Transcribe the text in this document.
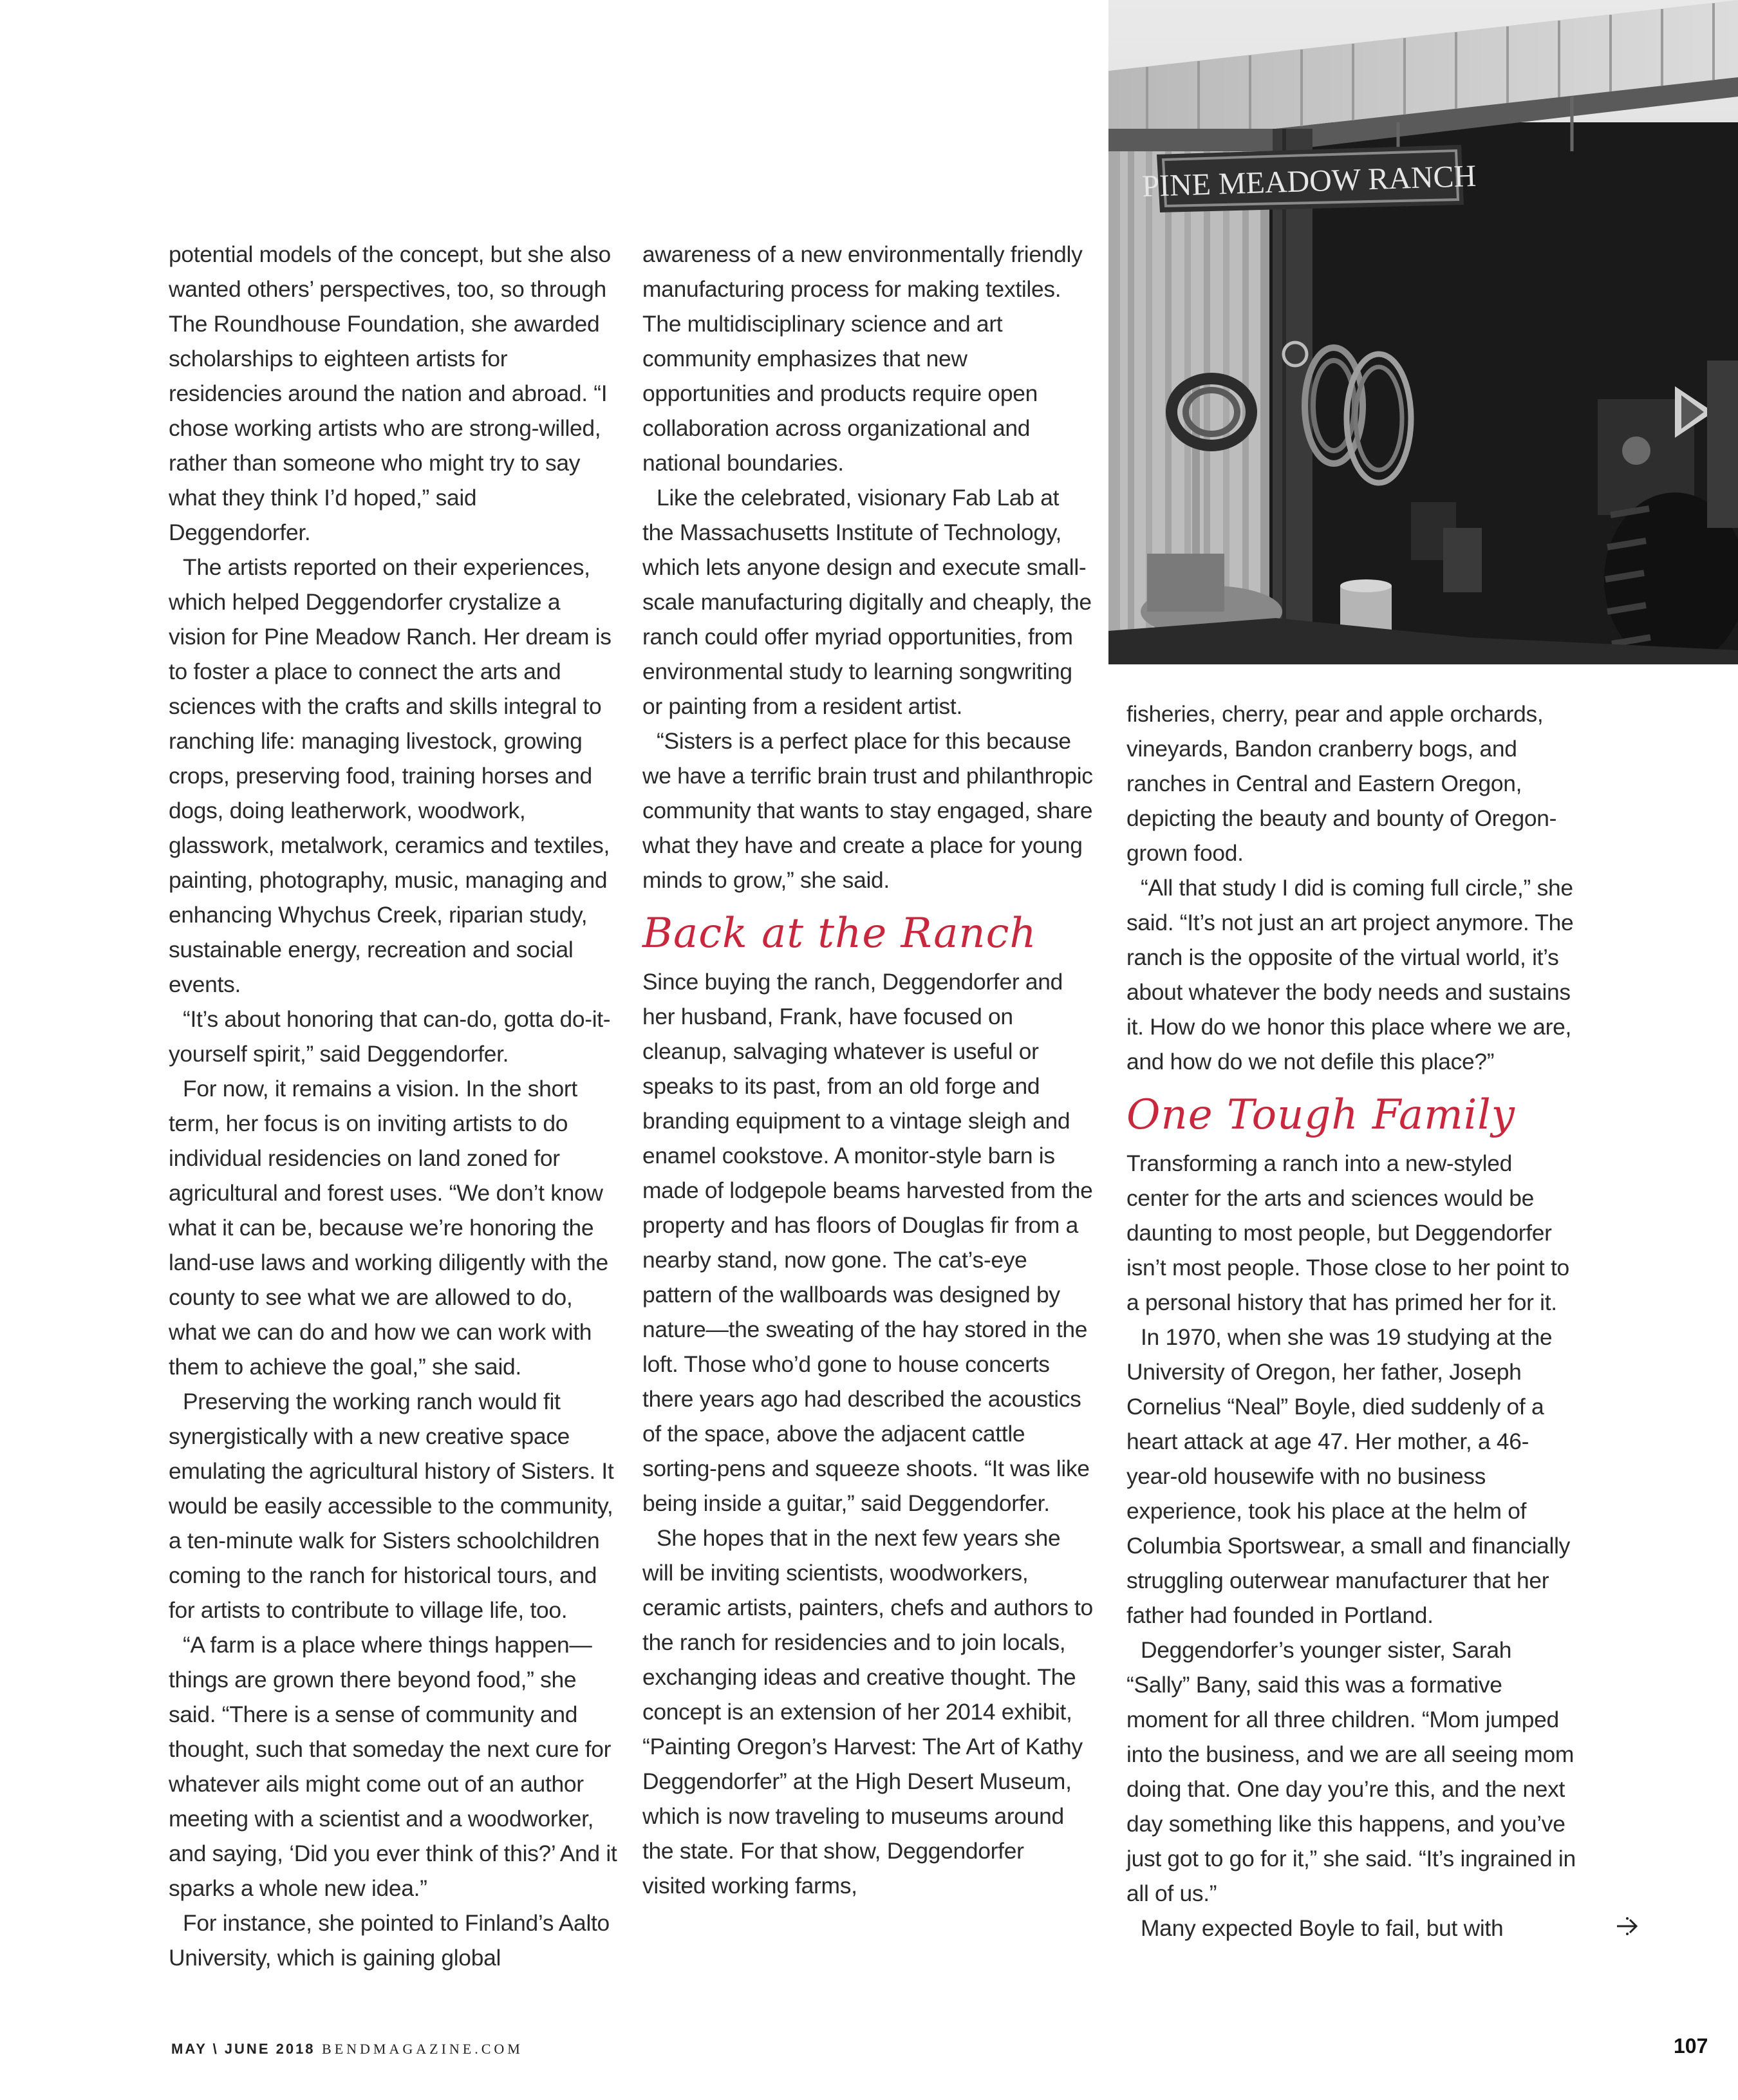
PINE MEADOW RANCH

potential models of the concept, but she also wanted others’ perspectives, too, so through The Roundhouse Foundation, she awarded scholarships to eighteen artists for residencies around the nation and abroad. “I chose working artists who are strong-willed, rather than someone who might try to say what they think I’d hoped,” said Deggendorfer.

The artists reported on their experiences, which helped Deggendorfer crystalize a vision for Pine Meadow Ranch. Her dream is to foster a place to connect the arts and sciences with the crafts and skills integral to ranching life: managing livestock, growing crops, preserving food, training horses and dogs, doing leatherwork, woodwork, glasswork, metalwork, ceramics and textiles, painting, photography, music, managing and enhancing Whychus Creek, riparian study, sustainable energy, recreation and social events.

“It’s about honoring that can-do, gotta do-it-yourself spirit,” said Deggendorfer.

For now, it remains a vision. In the short term, her focus is on inviting artists to do individual residencies on land zoned for agricultural and forest uses. “We don’t know what it can be, because we’re honoring the land-use laws and working diligently with the county to see what we are allowed to do, what we can do and how we can work with them to achieve the goal,” she said.

Preserving the working ranch would fit synergistically with a new creative space emulating the agricultural history of Sisters. It would be easily accessible to the community, a ten-minute walk for Sisters schoolchildren coming to the ranch for historical tours, and for artists to contribute to village life, too.

“A farm is a place where things happen—things are grown there beyond food,” she said. “There is a sense of community and thought, such that someday the next cure for whatever ails might come out of an author meeting with a scientist and a woodworker, and saying, ‘Did you ever think of this?’ And it sparks a whole new idea.”

For instance, she pointed to Finland’s Aalto University, which is gaining global

awareness of a new environmentally friendly manufacturing process for making textiles. The multidisciplinary science and art community emphasizes that new opportunities and products require open collaboration across organizational and national boundaries.

Like the celebrated, visionary Fab Lab at the Massachusetts Institute of Technology, which lets anyone design and execute small-scale manufacturing digitally and cheaply, the ranch could offer myriad opportunities, from environmental study to learning songwriting or painting from a resident artist.

“Sisters is a perfect place for this because we have a terrific brain trust and philanthropic community that wants to stay engaged, share what they have and create a place for young minds to grow,” she said.

Back at the Ranch

Since buying the ranch, Deggendorfer and her husband, Frank, have focused on cleanup, salvaging whatever is useful or speaks to its past, from an old forge and branding equipment to a vintage sleigh and enamel cookstove. A monitor-style barn is made of lodgepole beams harvested from the property and has floors of Douglas fir from a nearby stand, now gone. The cat’s-eye pattern of the wallboards was designed by nature—the sweating of the hay stored in the loft. Those who’d gone to house concerts there years ago had described the acoustics of the space, above the adjacent cattle sorting-pens and squeeze shoots. “It was like being inside a guitar,” said Deggendorfer.

She hopes that in the next few years she will be inviting scientists, woodworkers, ceramic artists, painters, chefs and authors to the ranch for residencies and to join locals, exchanging ideas and creative thought. The concept is an extension of her 2014 exhibit, “Painting Oregon’s Harvest: The Art of Kathy Deggendorfer” at the High Desert Museum, which is now traveling to museums around the state. For that show, Deggendorfer visited working farms,

fisheries, cherry, pear and apple orchards, vineyards, Bandon cranberry bogs, and ranches in Central and Eastern Oregon, depicting the beauty and bounty of Oregon-grown food.

“All that study I did is coming full circle,” she said. “It’s not just an art project anymore. The ranch is the opposite of the virtual world, it’s about whatever the body needs and sustains it. How do we honor this place where we are, and how do we not defile this place?”

One Tough Family

Transforming a ranch into a new-styled center for the arts and sciences would be daunting to most people, but Deggendorfer isn’t most people. Those close to her point to a personal history that has primed her for it.

In 1970, when she was 19 studying at the University of Oregon, her father, Joseph Cornelius “Neal” Boyle, died suddenly of a heart attack at age 47. Her mother, a 46-year-old housewife with no business experience, took his place at the helm of Columbia Sportswear, a small and financially struggling outerwear manufacturer that her father had founded in Portland.

Deggendorfer’s younger sister, Sarah “Sally” Bany, said this was a formative moment for all three children. “Mom jumped into the business, and we are all seeing mom doing that. One day you’re this, and the next day something like this happens, and you’ve just got to go for it,” she said. “It’s ingrained in all of us.”

Many expected Boyle to fail, but with

MAY \ JUNE 2018 BENDMAGAZINE.COM	107
